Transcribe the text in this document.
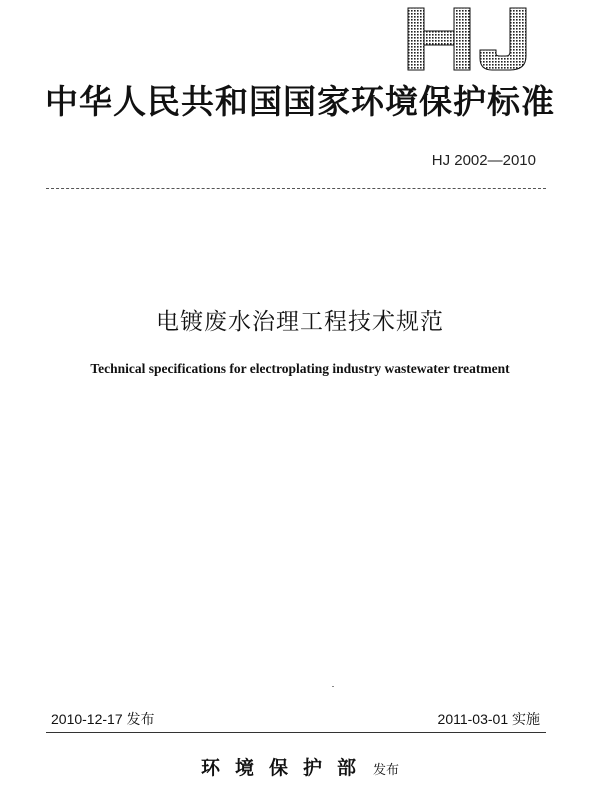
中华人民共和国国家环境保护标准
HJ 2002—2010
电镀废水治理工程技术规范
Technical specifications for electroplating industry wastewater treatment
2010-12-17 发布	2011-03-01 实施
环境保护部 发布
